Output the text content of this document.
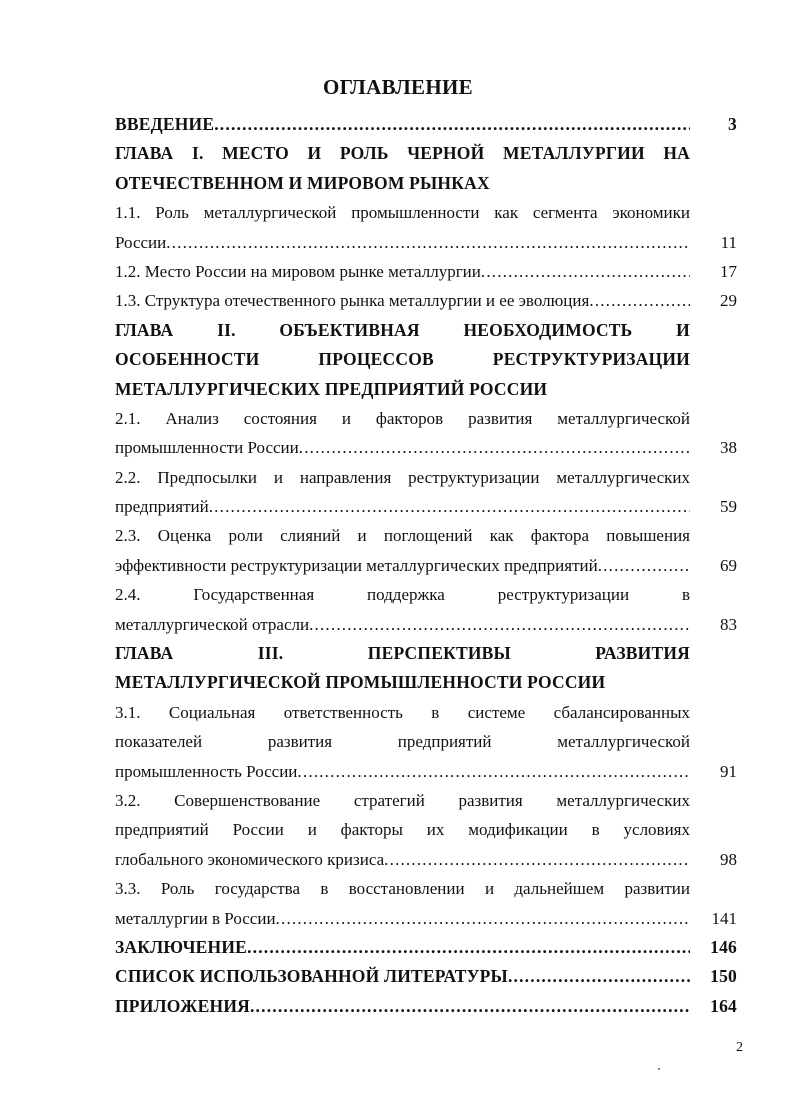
ОГЛАВЛЕНИЕ
ВВЕДЕНИЕ .....	3
ГЛАВА I. МЕСТО И РОЛЬ ЧЕРНОЙ МЕТАЛЛУРГИИ НА
ОТЕЧЕСТВЕННОМ И МИРОВОМ РЫНКАХ
1.1. Роль металлургической промышленности как сегмента экономики
России .....	11
1.2. Место России на мировом рынке металлургии .....	17
1.3. Структура отечественного рынка металлургии и ее эволюция .....	29
ГЛАВА II. ОБЪЕКТИВНАЯ НЕОБХОДИМОСТЬ И
ОСОБЕННОСТИ ПРОЦЕССОВ РЕСТРУКТУРИЗАЦИИ
МЕТАЛЛУРГИЧЕСКИХ ПРЕДПРИЯТИЙ РОССИИ
2.1. Анализ состояния и факторов развития металлургической
промышленности России .....	38
2.2. Предпосылки и направления реструктуризации металлургических
предприятий .....	59
2.3. Оценка роли слияний и поглощений как фактора повышения
эффективности реструктуризации металлургических предприятий .....	69
2.4. Государственная поддержка реструктуризации в
металлургической отрасли .....	83
ГЛАВА III. ПЕРСПЕКТИВЫ РАЗВИТИЯ
МЕТАЛЛУРГИЧЕСКОЙ ПРОМЫШЛЕННОСТИ РОССИИ
3.1. Социальная ответственность в системе сбалансированных
показателей развития предприятий металлургической
промышленность России .....	91
3.2. Совершенствование стратегий развития металлургических
предприятий России и факторы их модификации в условиях
глобального экономического кризиса .....	98
3.3. Роль государства в восстановлении и дальнейшем развитии
металлургии в России .....	141
ЗАКЛЮЧЕНИЕ .....	146
СПИСОК ИСПОЛЬЗОВАННОЙ ЛИТЕРАТУРЫ .....	150
ПРИЛОЖЕНИЯ .....	164
2
